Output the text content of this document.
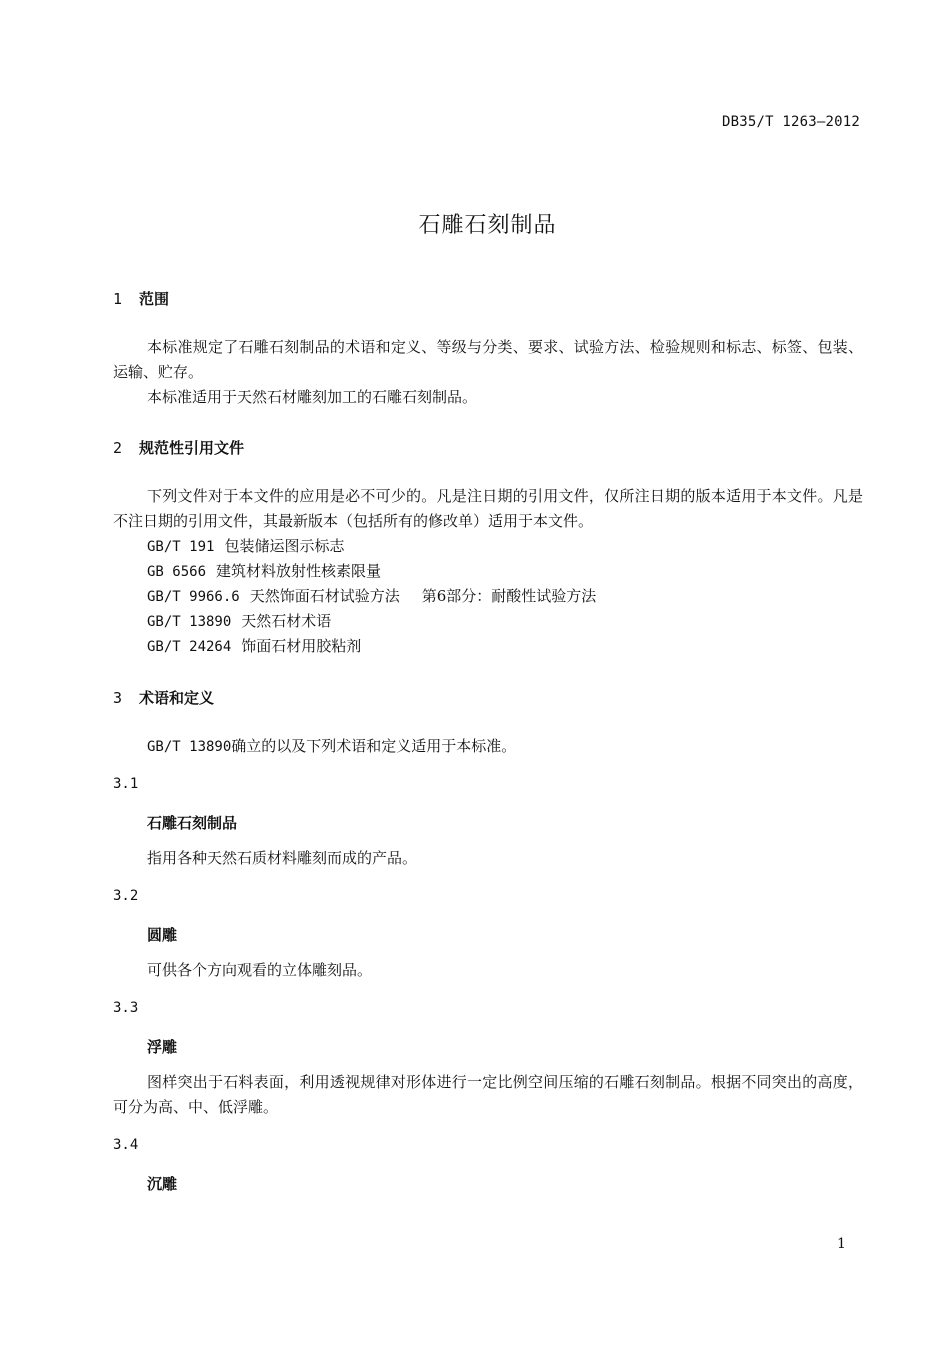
DB35/T 1263—2012
石雕石刻制品
1 范围
本标准规定了石雕石刻制品的术语和定义、等级与分类、要求、试验方法、检验规则和标志、标签、包装、运输、贮存。
本标准适用于天然石材雕刻加工的石雕石刻制品。
2 规范性引用文件
下列文件对于本文件的应用是必不可少的。凡是注日期的引用文件，仅所注日期的版本适用于本文件。凡是不注日期的引用文件，其最新版本（包括所有的修改单）适用于本文件。
GB/T 191 包装储运图示标志
GB 6566 建筑材料放射性核素限量
GB/T 9966.6 天然饰面石材试验方法 第6部分：耐酸性试验方法
GB/T 13890 天然石材术语
GB/T 24264 饰面石材用胶粘剂
3 术语和定义
GB/T 13890确立的以及下列术语和定义适用于本标准。
3.1
石雕石刻制品
指用各种天然石质材料雕刻而成的产品。
3.2
圆雕
可供各个方向观看的立体雕刻品。
3.3
浮雕
图样突出于石料表面，利用透视规律对形体进行一定比例空间压缩的石雕石刻制品。根据不同突出的高度，可分为高、中、低浮雕。
3.4
沉雕
1
